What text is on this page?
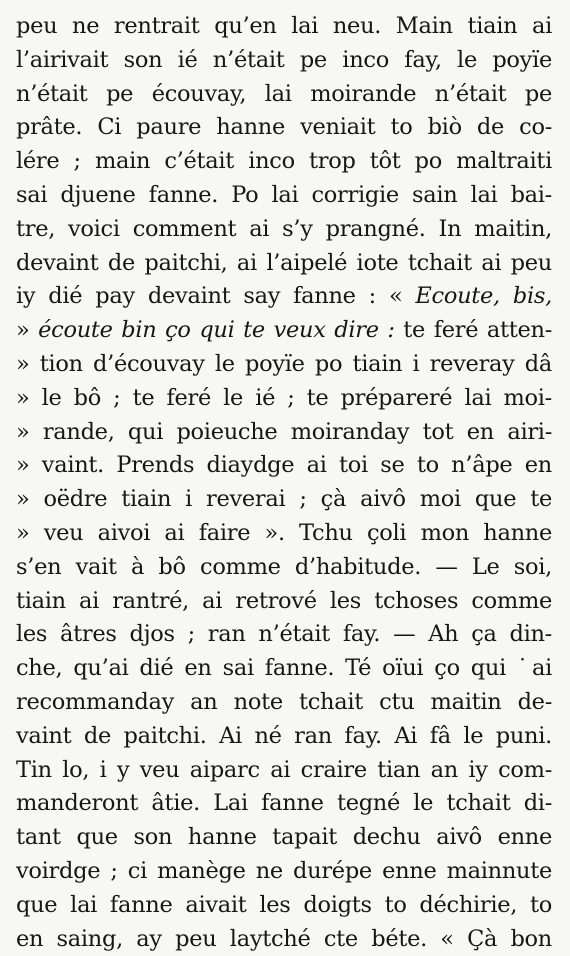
peu ne rentrait qu’en lai neu. Main tiain ai
l’airivait son ié n’était pe inco fay, le poyïe
n’était pe écouvay, lai moirande n’était pe
prâte. Ci paure hanne veniait to biò de co-
lére ; main c’était inco trop tôt po maltraiti
sai djuene fanne. Po lai corrigie sain lai bai-
tre, voici comment ai s’y prangné. In maitin,
devaint de paitchi, ai l’aipelé iote tchait ai peu
iy dié pay devaint say fanne : « Ecoute, bis,
» écoute bin ço qui te veux dire : te feré atten-
» tion d’écouvay le poyïe po tiain i reveray dâ
» le bô ; te feré le ié ; te prépareré lai moi-
» rande, qui poieuche moiranday tot en airi-
» vaint. Prends diaydge ai toi se to n’âpe en
» oëdre tiain i reverai ; çà aivô moi que te
» veu aivoi ai faire ». Tchu çoli mon hanne
s’en vait à bô comme d’habitude. — Le soi,
tiain ai rantré, ai retrové les tchoses comme
les âtres djos ; ran n’était fay. — Ah ça din-
che, qu’ai dié en sai fanne. Té oïui ço qui ˙ai
recommanday an note tchait ctu maitin de-
vaint de paitchi. Ai né ran fay. Ai fâ le puni.
Tin lo, i y veu aiparc ai craire tian an iy com-
manderont âtie. Lai fanne tegné le tchait di-
tant que son hanne tapait dechu aivô enne
voirdge ; ci manège ne durépe enne mainnute
que lai fanne aivait les doigts to déchirie, to
en saing, ay peu laytché cte béte. « Çà bon
